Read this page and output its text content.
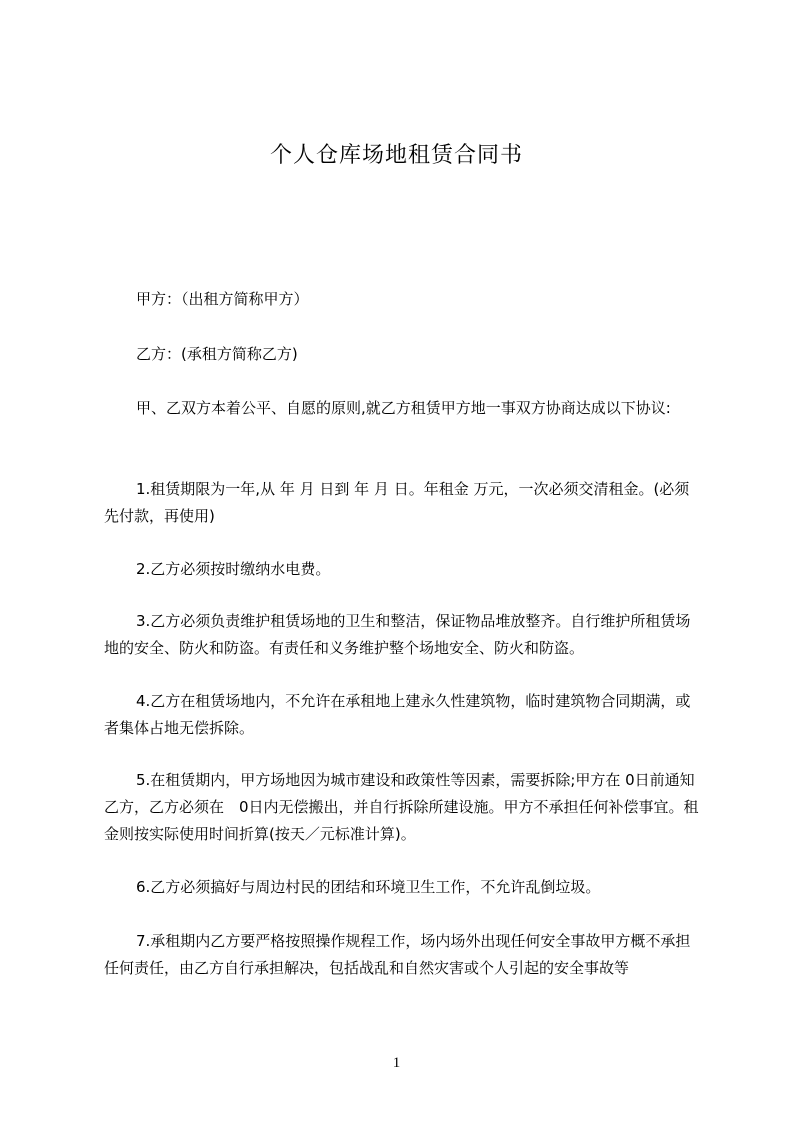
个人仓库场地租赁合同书
甲方：（出租方简称甲方）
乙方：(承租方简称乙方)
甲、乙双方本着公平、自愿的原则,就乙方租赁甲方地一事双方协商达成以下协议:
1.租赁期限为一年,从 年 月 日到 年 月 日。年租金 万元，一次必须交清租金。(必须先付款，再使用)
2.乙方必须按时缴纳水电费。
3.乙方必须负责维护租赁场地的卫生和整洁，保证物品堆放整齐。自行维护所租赁场地的安全、防火和防盗。有责任和义务维护整个场地安全、防火和防盗。
4.乙方在租赁场地内，不允许在承租地上建永久性建筑物，临时建筑物合同期满，或者集体占地无偿拆除。
5.在租赁期内，甲方场地因为城市建设和政策性等因素，需要拆除;甲方在 0日前通知乙方，乙方必须在　0日内无偿搬出，并自行拆除所建设施。甲方不承担任何补偿事宜。租金则按实际使用时间折算(按天／元标准计算)。
6.乙方必须搞好与周边村民的团结和环境卫生工作，不允许乱倒垃圾。
7.承租期内乙方要严格按照操作规程工作，场内场外出现任何安全事故甲方概不承担任何责任，由乙方自行承担解决，包括战乱和自然灾害或个人引起的安全事故等
1
